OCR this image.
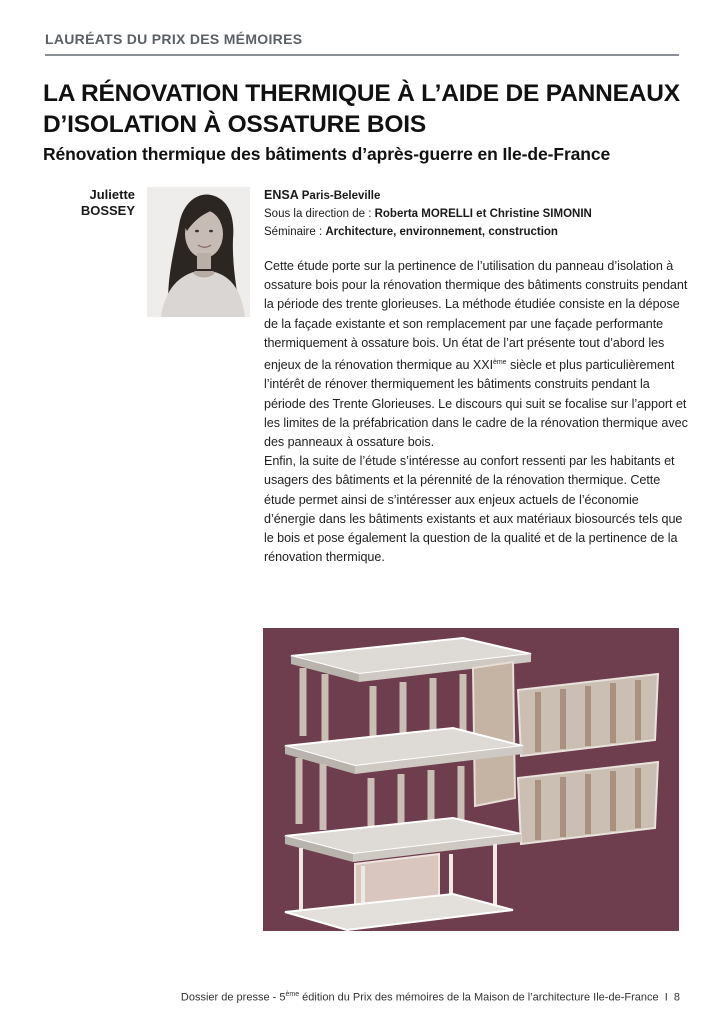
LAURÉATS DU PRIX DES MÉMOIRES
LA RÉNOVATION THERMIQUE À L’AIDE DE PANNEAUX
D’ISOLATION À OSSATURE BOIS
Rénovation thermique des bâtiments d’après-guerre en Ile-de-France
Juliette
BOSSEY
ENSA Paris-Beleville
Sous la direction de : Roberta MORELLI et Christine SIMONIN
Séminaire : Architecture, environnement, construction

Cette étude porte sur la pertinence de l’utilisation du panneau d’isolation à ossature bois pour la rénovation thermique des bâtiments construits pendant la période des trente glorieuses. La méthode étudiée consiste en la dépose de la façade existante et son remplacement par une façade performante thermiquement à ossature bois. Un état de l’art présente tout d’abord les enjeux de la rénovation thermique au XXIème siècle et plus particulièrement l’intérêt de rénover thermiquement les bâtiments construits pendant la période des Trente Glorieuses. Le discours qui suit se focalise sur l’apport et les limites de la préfabrication dans le cadre de la rénovation thermique avec des panneaux à ossature bois.

Enfin, la suite de l’étude s’intéresse au confort ressenti par les habitants et usagers des bâtiments et la pérennité de la rénovation thermique. Cette étude permet ainsi de s’intéresser aux enjeux actuels de l’économie d’énergie dans les bâtiments existants et aux matériaux biosourcés tels que le bois et pose également la question de la qualité et de la pertinence de la rénovation thermique.

Dossier de presse - 5ème édition du Prix des mémoires de la Maison de l’architecture Ile-de-France  I  8
